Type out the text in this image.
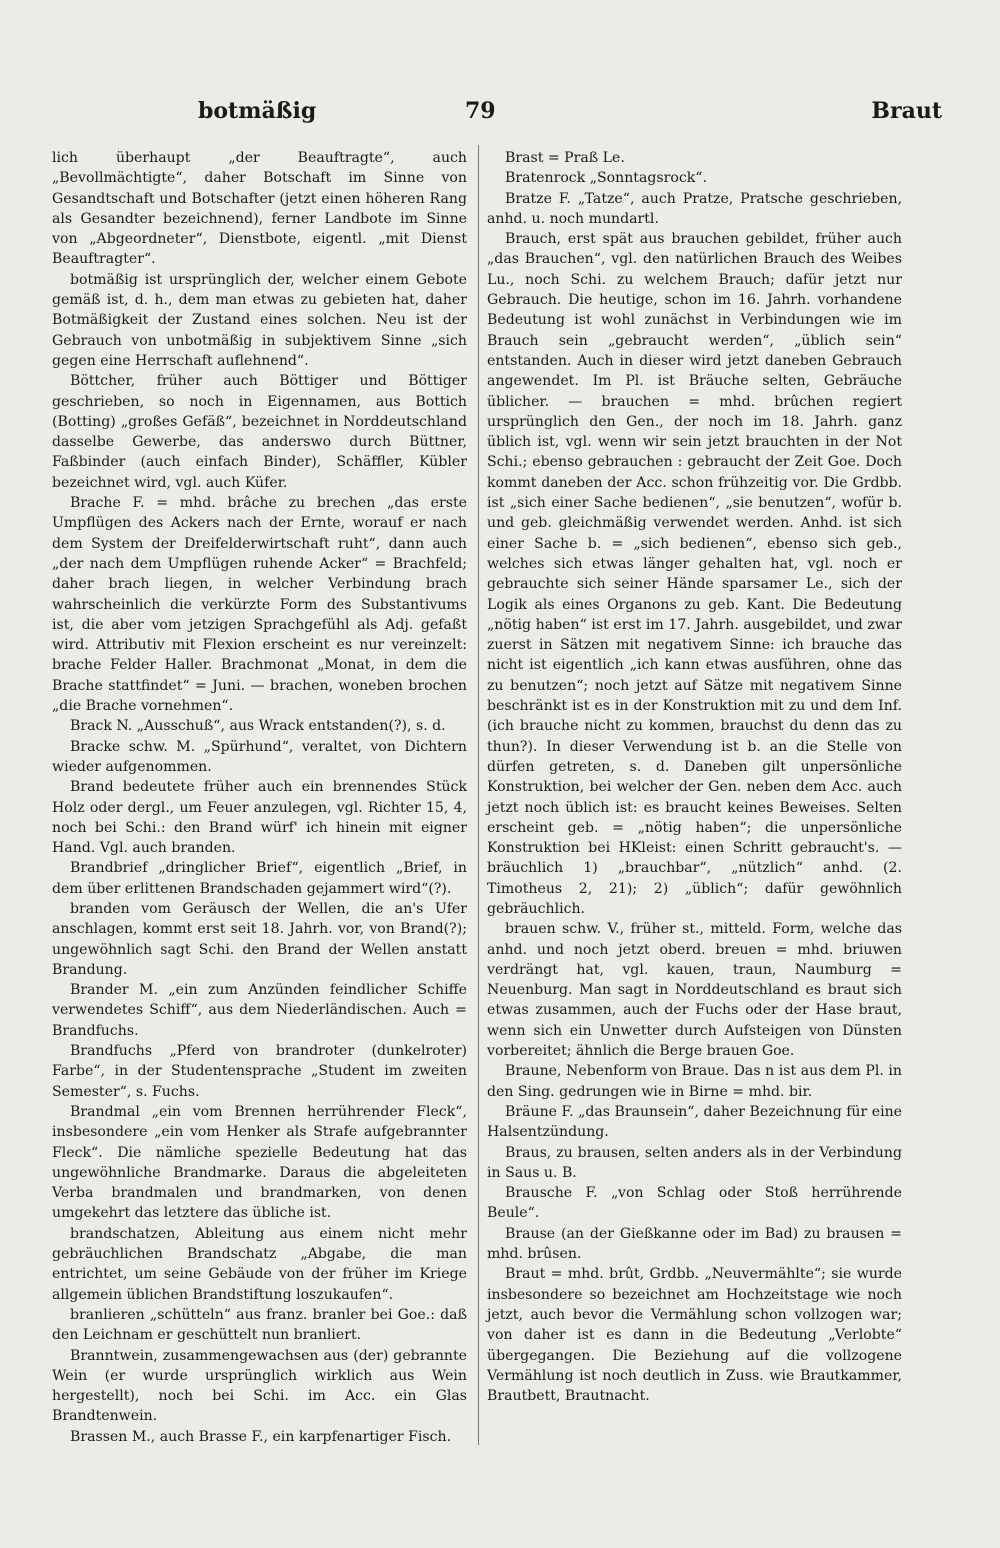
botmäßig	79	Braut

lich überhaupt „der Beauftragte“, auch „Bevollmächtigte“, daher Botschaft im Sinne von Gesandtschaft und Botschafter (jetzt einen höheren Rang als Gesandter bezeichnend), ferner Landbote im Sinne von „Abgeordneter“, Dienstbote, eigentl. „mit Dienst Beauftragter“.

botmäßig ist ursprünglich der, welcher einem Gebote gemäß ist, d. h., dem man etwas zu gebieten hat, daher Botmäßigkeit der Zustand eines solchen. Neu ist der Gebrauch von unbotmäßig in subjektivem Sinne „sich gegen eine Herrschaft auflehnend“.

Böttcher, früher auch Böttiger und Böttiger geschrieben, so noch in Eigennamen, aus Bottich (Botting) „großes Gefäß“, bezeichnet in Norddeutschland dasselbe Gewerbe, das anderswo durch Büttner, Faßbinder (auch einfach Binder), Schäffler, Kübler bezeichnet wird, vgl. auch Küfer.

Brache F. = mhd. brâche zu brechen „das erste Umpflügen des Ackers nach der Ernte, worauf er nach dem System der Dreifelderwirtschaft ruht“, dann auch „der nach dem Umpflügen ruhende Acker“ = Brachfeld; daher brach liegen, in welcher Verbindung brach wahrscheinlich die verkürzte Form des Substantivums ist, die aber vom jetzigen Sprachgefühl als Adj. gefaßt wird. Attributiv mit Flexion erscheint es nur vereinzelt: brache Felder Haller. Brachmonat „Monat, in dem die Brache stattfindet“ = Juni. — brachen, woneben brochen „die Brache vornehmen“.

Brack N. „Ausschuß“, aus Wrack entstanden(?), s. d.

Bracke schw. M. „Spürhund“, veraltet, von Dichtern wieder aufgenommen.

Brand bedeutete früher auch ein brennendes Stück Holz oder dergl., um Feuer anzulegen, vgl. Richter 15, 4, noch bei Schi.: den Brand würf' ich hinein mit eigner Hand. Vgl. auch branden.

Brandbrief „dringlicher Brief“, eigentlich „Brief, in dem über erlittenen Brandschaden gejammert wird“(?).

branden vom Geräusch der Wellen, die an's Ufer anschlagen, kommt erst seit 18. Jahrh. vor, von Brand(?); ungewöhnlich sagt Schi. den Brand der Wellen anstatt Brandung.

Brander M. „ein zum Anzünden feindlicher Schiffe verwendetes Schiff“, aus dem Niederländischen. Auch = Brandfuchs.

Brandfuchs „Pferd von brandroter (dunkelroter) Farbe“, in der Studentensprache „Student im zweiten Semester“, s. Fuchs.

Brandmal „ein vom Brennen herrührender Fleck“, insbesondere „ein vom Henker als Strafe aufgebrannter Fleck“. Die nämliche spezielle Bedeutung hat das ungewöhnliche Brandmarke. Daraus die abgeleiteten Verba brandmalen und brandmarken, von denen umgekehrt das letztere das übliche ist.

brandschatzen, Ableitung aus einem nicht mehr gebräuchlichen Brandschatz „Abgabe, die man entrichtet, um seine Gebäude von der früher im Kriege allgemein üblichen Brandstiftung loszukaufen“.

branlieren „schütteln“ aus franz. branler bei Goe.: daß den Leichnam er geschüttelt nun branliert.

Branntwein, zusammengewachsen aus (der) gebrannte Wein (er wurde ursprünglich wirklich aus Wein hergestellt), noch bei Schi. im Acc. ein Glas Brandtenwein.

Brassen M., auch Brasse F., ein karpfenartiger Fisch.

Brast = Praß Le.

Bratenrock „Sonntagsrock“.

Bratze F. „Tatze“, auch Pratze, Pratsche geschrieben, anhd. u. noch mundartl.

Brauch, erst spät aus brauchen gebildet, früher auch „das Brauchen“, vgl. den natürlichen Brauch des Weibes Lu., noch Schi. zu welchem Brauch; dafür jetzt nur Gebrauch. Die heutige, schon im 16. Jahrh. vorhandene Bedeutung ist wohl zunächst in Verbindungen wie im Brauch sein „gebraucht werden“, „üblich sein“ entstanden. Auch in dieser wird jetzt daneben Gebrauch angewendet. Im Pl. ist Bräuche selten, Gebräuche üblicher. — brauchen = mhd. brûchen regiert ursprünglich den Gen., der noch im 18. Jahrh. ganz üblich ist, vgl. wenn wir sein jetzt brauchten in der Not Schi.; ebenso gebrauchen : gebraucht der Zeit Goe. Doch kommt daneben der Acc. schon frühzeitig vor. Die Grdbb. ist „sich einer Sache bedienen“, „sie benutzen“, wofür b. und geb. gleichmäßig verwendet werden. Anhd. ist sich einer Sache b. = „sich bedienen“, ebenso sich geb., welches sich etwas länger gehalten hat, vgl. noch er gebrauchte sich seiner Hände sparsamer Le., sich der Logik als eines Organons zu geb. Kant. Die Bedeutung „nötig haben“ ist erst im 17. Jahrh. ausgebildet, und zwar zuerst in Sätzen mit negativem Sinne: ich brauche das nicht ist eigentlich „ich kann etwas ausführen, ohne das zu benutzen“; noch jetzt auf Sätze mit negativem Sinne beschränkt ist es in der Konstruktion mit zu und dem Inf. (ich brauche nicht zu kommen, brauchst du denn das zu thun?). In dieser Verwendung ist b. an die Stelle von dürfen getreten, s. d. Daneben gilt unpersönliche Konstruktion, bei welcher der Gen. neben dem Acc. auch jetzt noch üblich ist: es braucht keines Beweises. Selten erscheint geb. = „nötig haben“; die unpersönliche Konstruktion bei HKleist: einen Schritt gebraucht's. — bräuchlich 1) „brauchbar“, „nützlich“ anhd. (2. Timotheus 2, 21); 2) „üblich“; dafür gewöhnlich gebräuchlich.

brauen schw. V., früher st., mitteld. Form, welche das anhd. und noch jetzt oberd. breuen = mhd. briuwen verdrängt hat, vgl. kauen, traun, Naumburg = Neuenburg. Man sagt in Norddeutschland es braut sich etwas zusammen, auch der Fuchs oder der Hase braut, wenn sich ein Unwetter durch Aufsteigen von Dünsten vorbereitet; ähnlich die Berge brauen Goe.

Braune, Nebenform von Braue. Das n ist aus dem Pl. in den Sing. gedrungen wie in Birne = mhd. bir.

Bräune F. „das Braunsein“, daher Bezeichnung für eine Halsentzündung.

Braus, zu brausen, selten anders als in der Verbindung in Saus u. B.

Brausche F. „von Schlag oder Stoß herrührende Beule“.

Brause (an der Gießkanne oder im Bad) zu brausen = mhd. brûsen.

Braut = mhd. brût, Grdbb. „Neuvermählte“; sie wurde insbesondere so bezeichnet am Hochzeitstage wie noch jetzt, auch bevor die Vermählung schon vollzogen war; von daher ist es dann in die Bedeutung „Verlobte“ übergegangen. Die Beziehung auf die vollzogene Vermählung ist noch deutlich in Zuss. wie Brautkammer, Brautbett, Brautnacht.
